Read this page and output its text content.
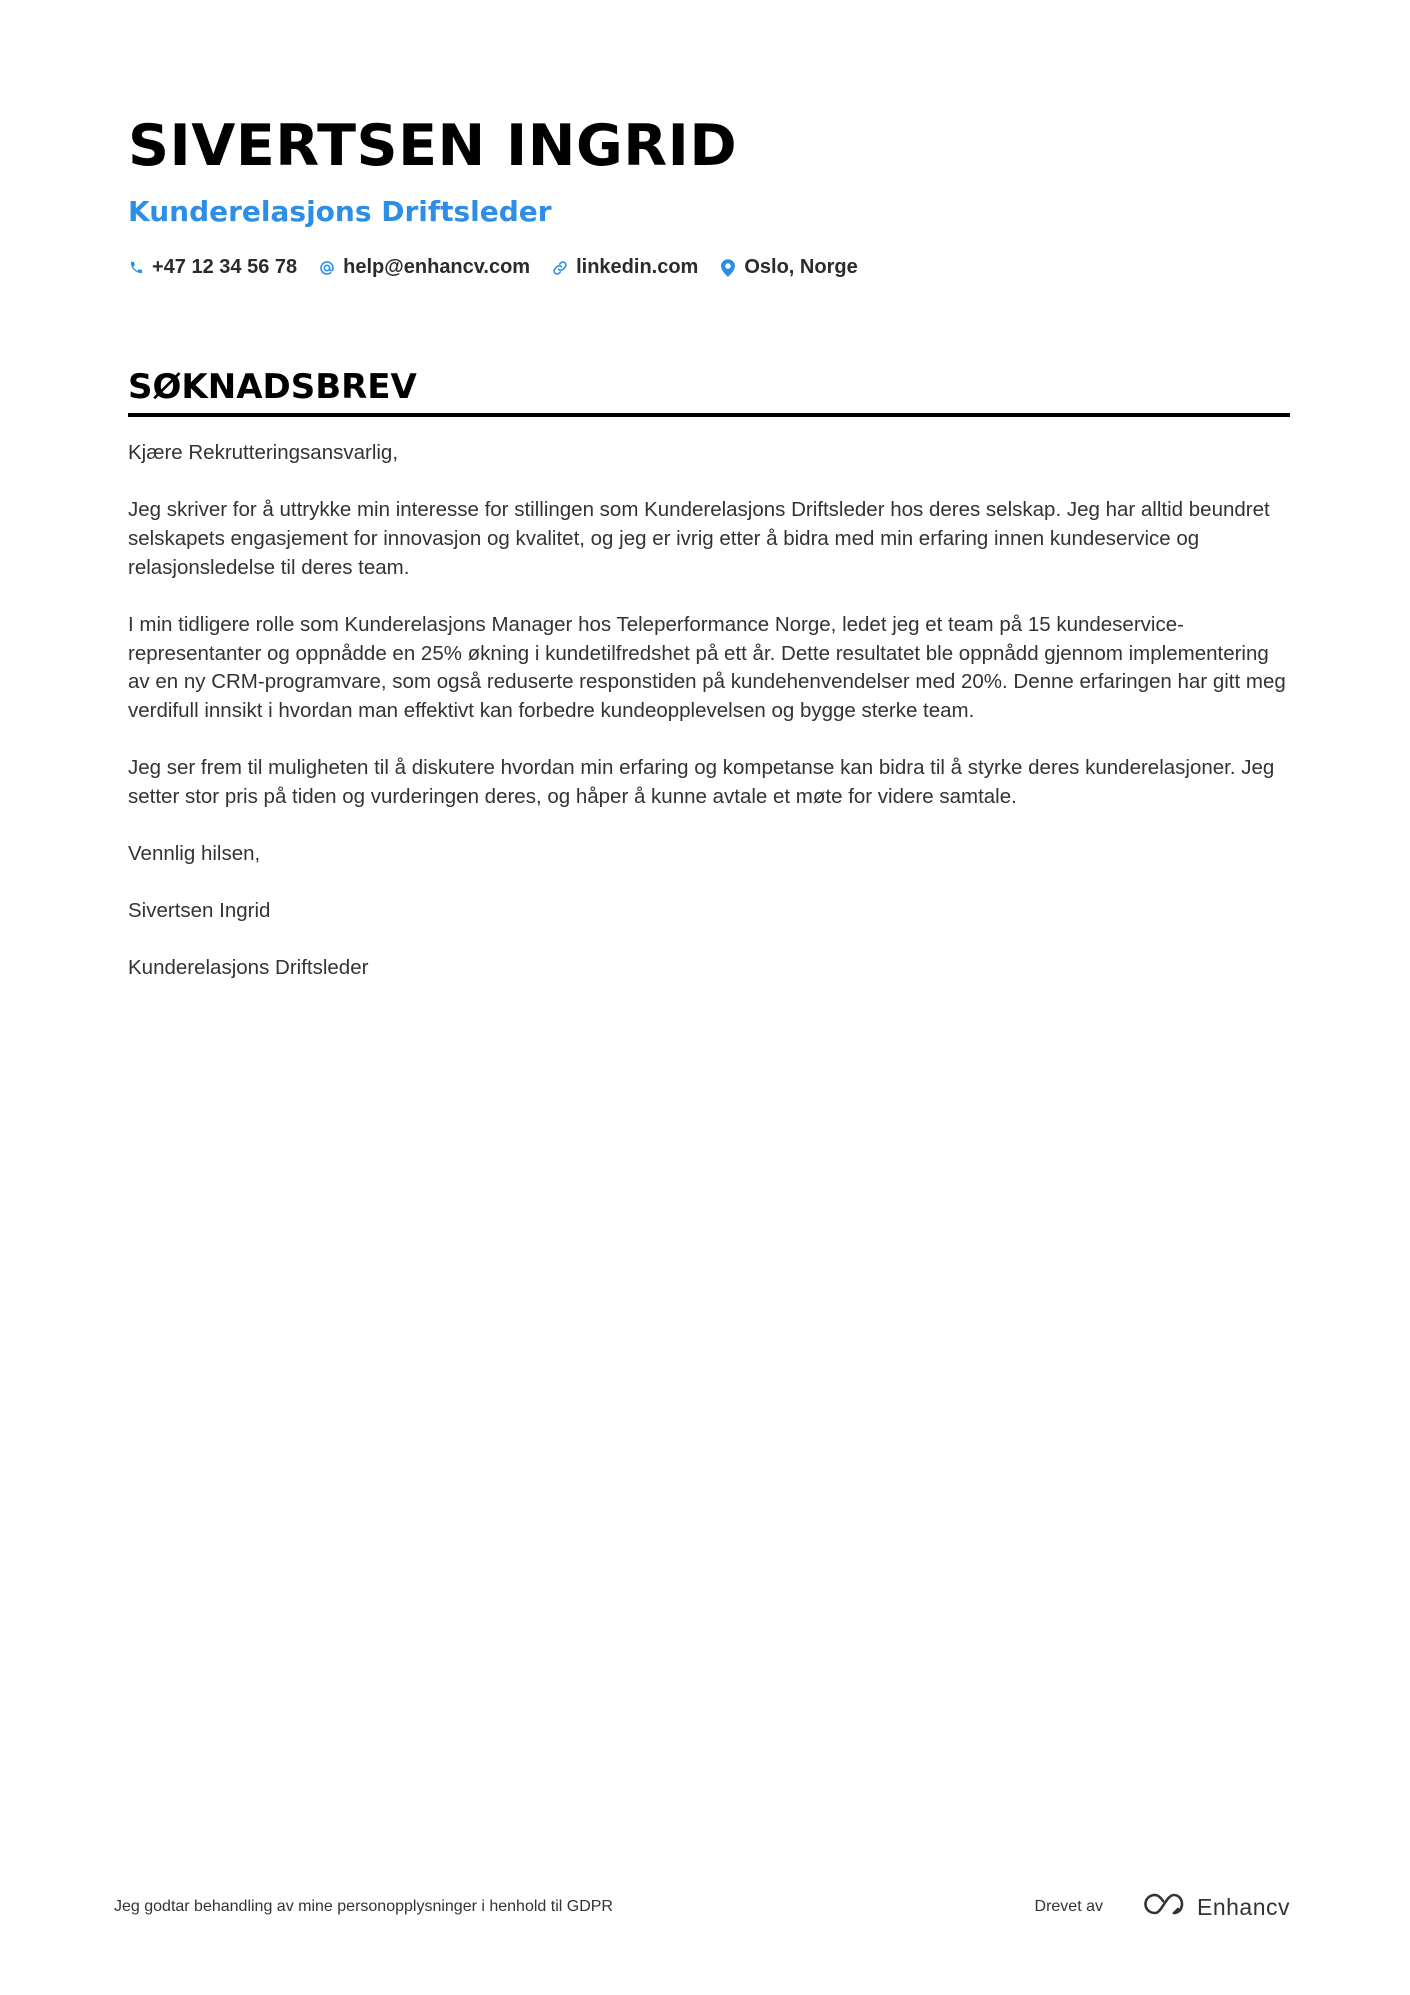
SIVERTSEN INGRID
Kunderelasjons Driftsleder
+47 12 34 56 78 help@enhancv.com linkedin.com Oslo, Norge
SØKNADSBREV

Kjære Rekrutteringsansvarlig,

Jeg skriver for å uttrykke min interesse for stillingen som Kunderelasjons Driftsleder hos deres selskap. Jeg har alltid beundret selskapets engasjement for innovasjon og kvalitet, og jeg er ivrig etter å bidra med min erfaring innen kundeservice og relasjonsledelse til deres team.

I min tidligere rolle som Kunderelasjons Manager hos Teleperformance Norge, ledet jeg et team på 15 kundeservice-representanter og oppnådde en 25% økning i kundetilfredshet på ett år. Dette resultatet ble oppnådd gjennom implementering av en ny CRM-programvare, som også reduserte responstiden på kundehenvendelser med 20%. Denne erfaringen har gitt meg verdifull innsikt i hvordan man effektivt kan forbedre kundeopplevelsen og bygge sterke team.

Jeg ser frem til muligheten til å diskutere hvordan min erfaring og kompetanse kan bidra til å styrke deres kunderelasjoner. Jeg setter stor pris på tiden og vurderingen deres, og håper å kunne avtale et møte for videre samtale.

Vennlig hilsen,

Sivertsen Ingrid

Kunderelasjons Driftsleder

Jeg godtar behandling av mine personopplysninger i henhold til GDPR	Drevet av	Enhancv
